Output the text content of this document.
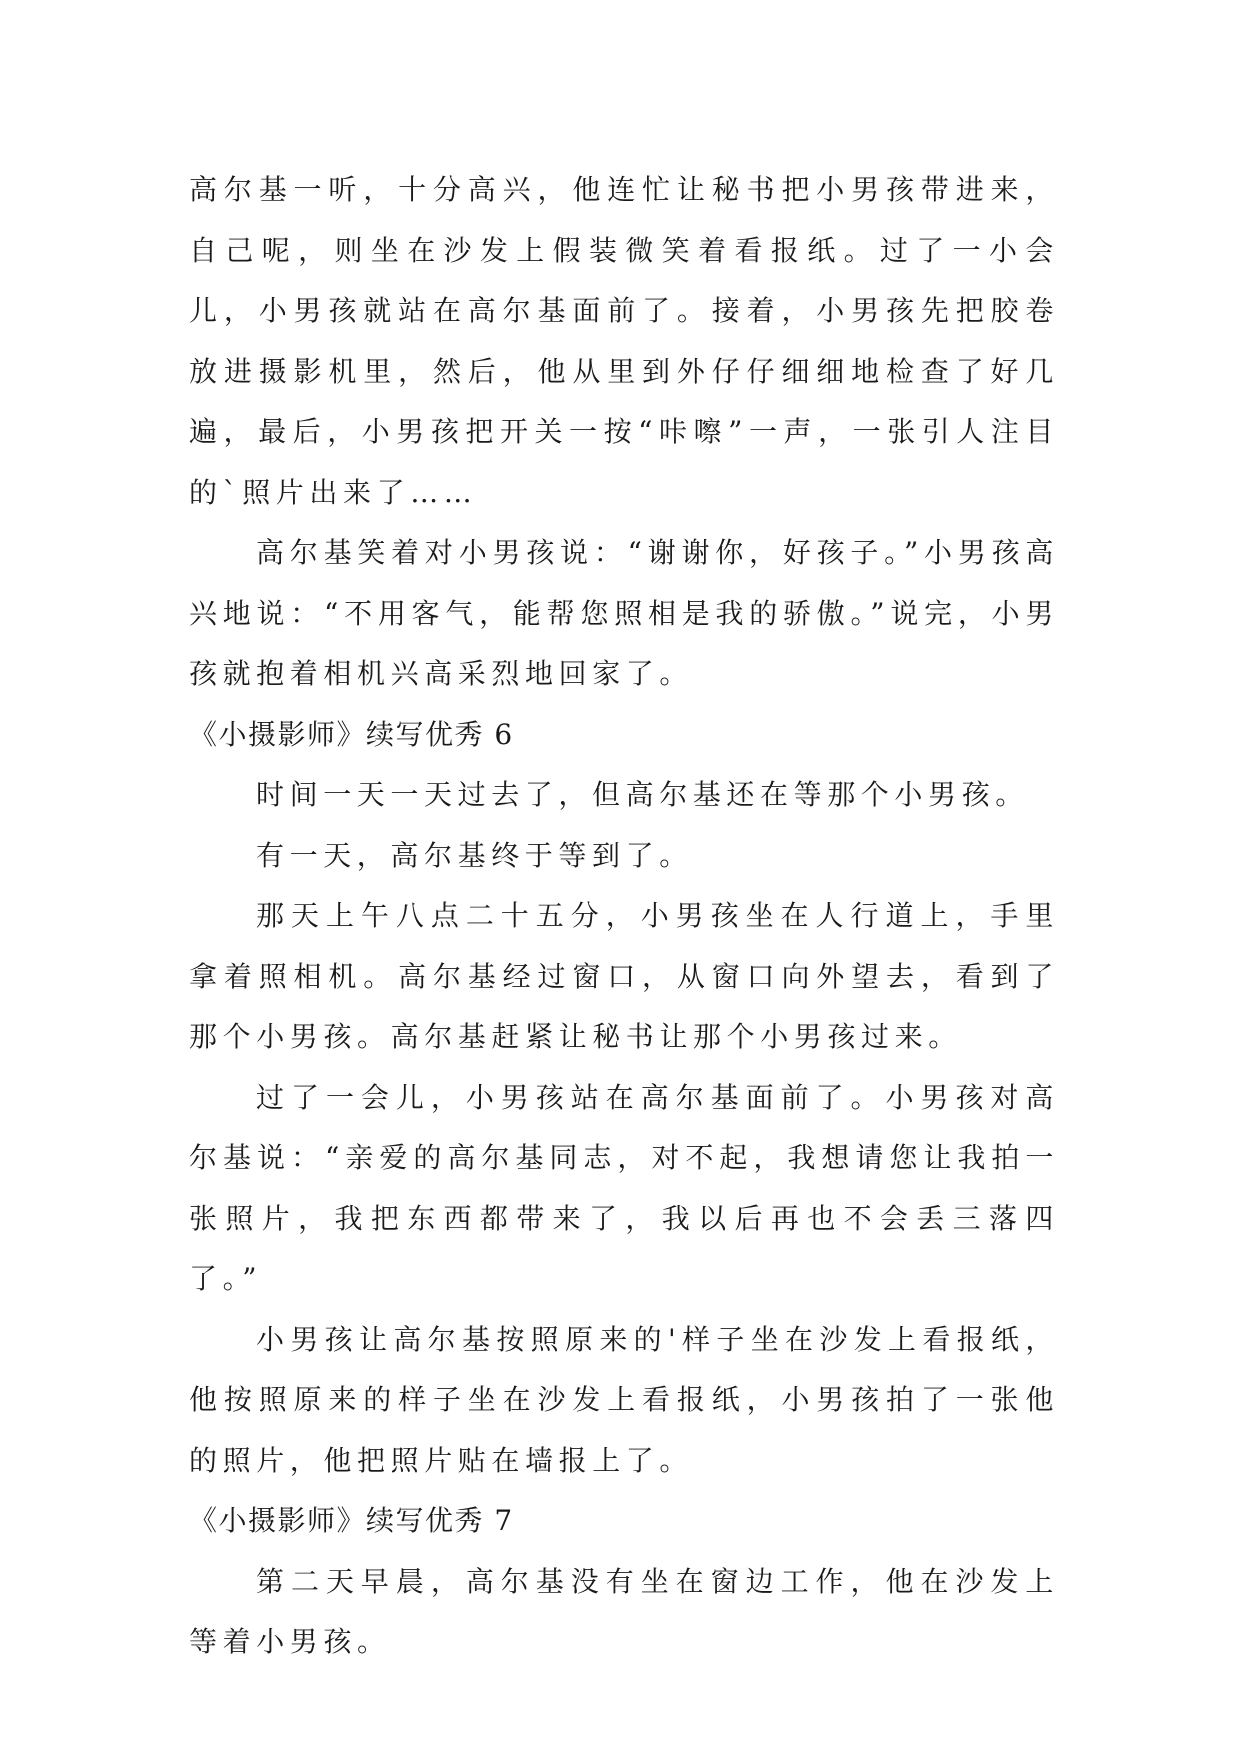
高尔基一听，十分高兴，他连忙让秘书把小男孩带进来，自己呢，则坐在沙发上假装微笑着看报纸。过了一小会儿，小男孩就站在高尔基面前了。接着，小男孩先把胶卷放进摄影机里，然后，他从里到外仔仔细细地检查了好几遍，最后，小男孩把开关一按“咔嚓”一声，一张引人注目的`照片出来了……

高尔基笑着对小男孩说：“谢谢你，好孩子。”小男孩高兴地说：“不用客气，能帮您照相是我的骄傲。”说完，小男孩就抱着相机兴高采烈地回家了。

《小摄影师》续写优秀 6

时间一天一天过去了，但高尔基还在等那个小男孩。

有一天，高尔基终于等到了。

那天上午八点二十五分，小男孩坐在人行道上，手里拿着照相机。高尔基经过窗口，从窗口向外望去，看到了那个小男孩。高尔基赶紧让秘书让那个小男孩过来。

过了一会儿，小男孩站在高尔基面前了。小男孩对高尔基说：“亲爱的高尔基同志，对不起，我想请您让我拍一张照片，我把东西都带来了，我以后再也不会丢三落四了。”

小男孩让高尔基按照原来的'样子坐在沙发上看报纸，他按照原来的样子坐在沙发上看报纸，小男孩拍了一张他的照片，他把照片贴在墙报上了。

《小摄影师》续写优秀 7

第二天早晨，高尔基没有坐在窗边工作，他在沙发上等着小男孩。
